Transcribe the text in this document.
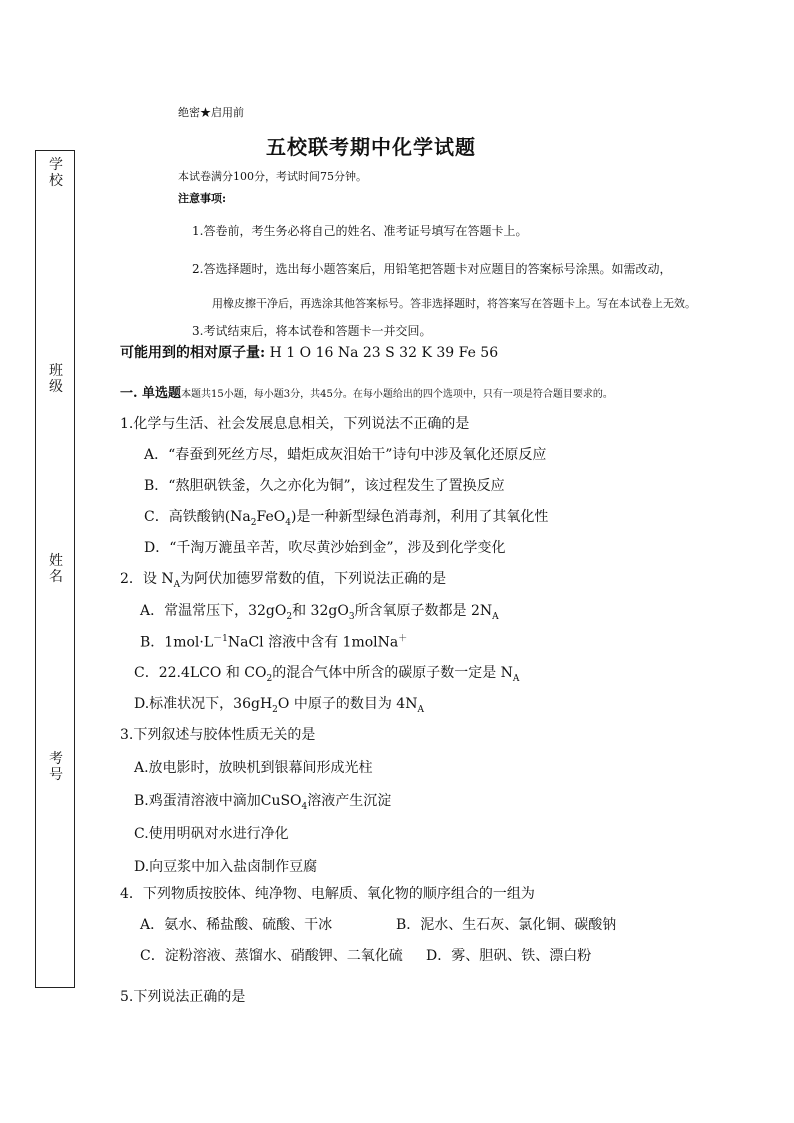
学
校
班
级
姓
名
考
号
绝密★启用前
五校联考期中化学试题
本试卷满分100分，考试时间75分钟。
注意事项:
1.答卷前，考生务必将自己的姓名、准考证号填写在答题卡上。
2.答选择题时，选出每小题答案后，用铅笔把答题卡对应题目的答案标号涂黑。如需改动，
用橡皮擦干净后，再选涂其他答案标号。答非选择题时，将答案写在答题卡上。写在本试卷上无效。
3.考试结束后，将本试卷和答题卡一并交回。
可能用到的相对原子量: H 1 O 16 Na 23 S 32 K 39 Fe 56
一. 单选题本题共15小题，每小题3分，共45分。在每小题给出的四个选项中，只有一项是符合题目要求的。
1.化学与生活、社会发展息息相关，下列说法不正确的是
A．“春蚕到死丝方尽，蜡炬成灰泪始干”诗句中涉及氧化还原反应
B．“熬胆矾铁釜，久之亦化为铜”，该过程发生了置换反应
C．高铁酸钠$(Na_2FeO_4)$是一种新型绿色消毒剂，利用了其氧化性
D．“千淘万漉虽辛苦，吹尽黄沙始到金”，涉及到化学变化
2．设 $N_A$为阿伏加德罗常数的值，下列说法正确的是
A．常温常压下，$32gO_2$和 $32gO_3$所含氧原子数都是 $2N_A$
B．$1mol\cdot L^{-1}NaCl$ 溶液中含有 1molNa＋
C．22.4LCO 和 $CO_2$的混合气体中所含的碳原子数一定是 $N_A$
D.标准状况下，$36gH_2O$ 中原子的数目为 $4N_A$
3.下列叙述与胶体性质无关的是
A.放电影时，放映机到银幕间形成光柱
B.鸡蛋清溶液中滴加CuSO$_4$溶液产生沉淀
C.使用明矾对水进行净化
D.向豆浆中加入盐卤制作豆腐
4．下列物质按胶体、纯净物、电解质、氧化物的顺序组合的一组为
A．氨水、稀盐酸、硫酸、干冰	B．泥水、生石灰、氯化铜、碳酸钠
C．淀粉溶液、蒸馏水、硝酸钾、二氧化硫 D．雾、胆矾、铁、漂白粉
5.下列说法正确的是
